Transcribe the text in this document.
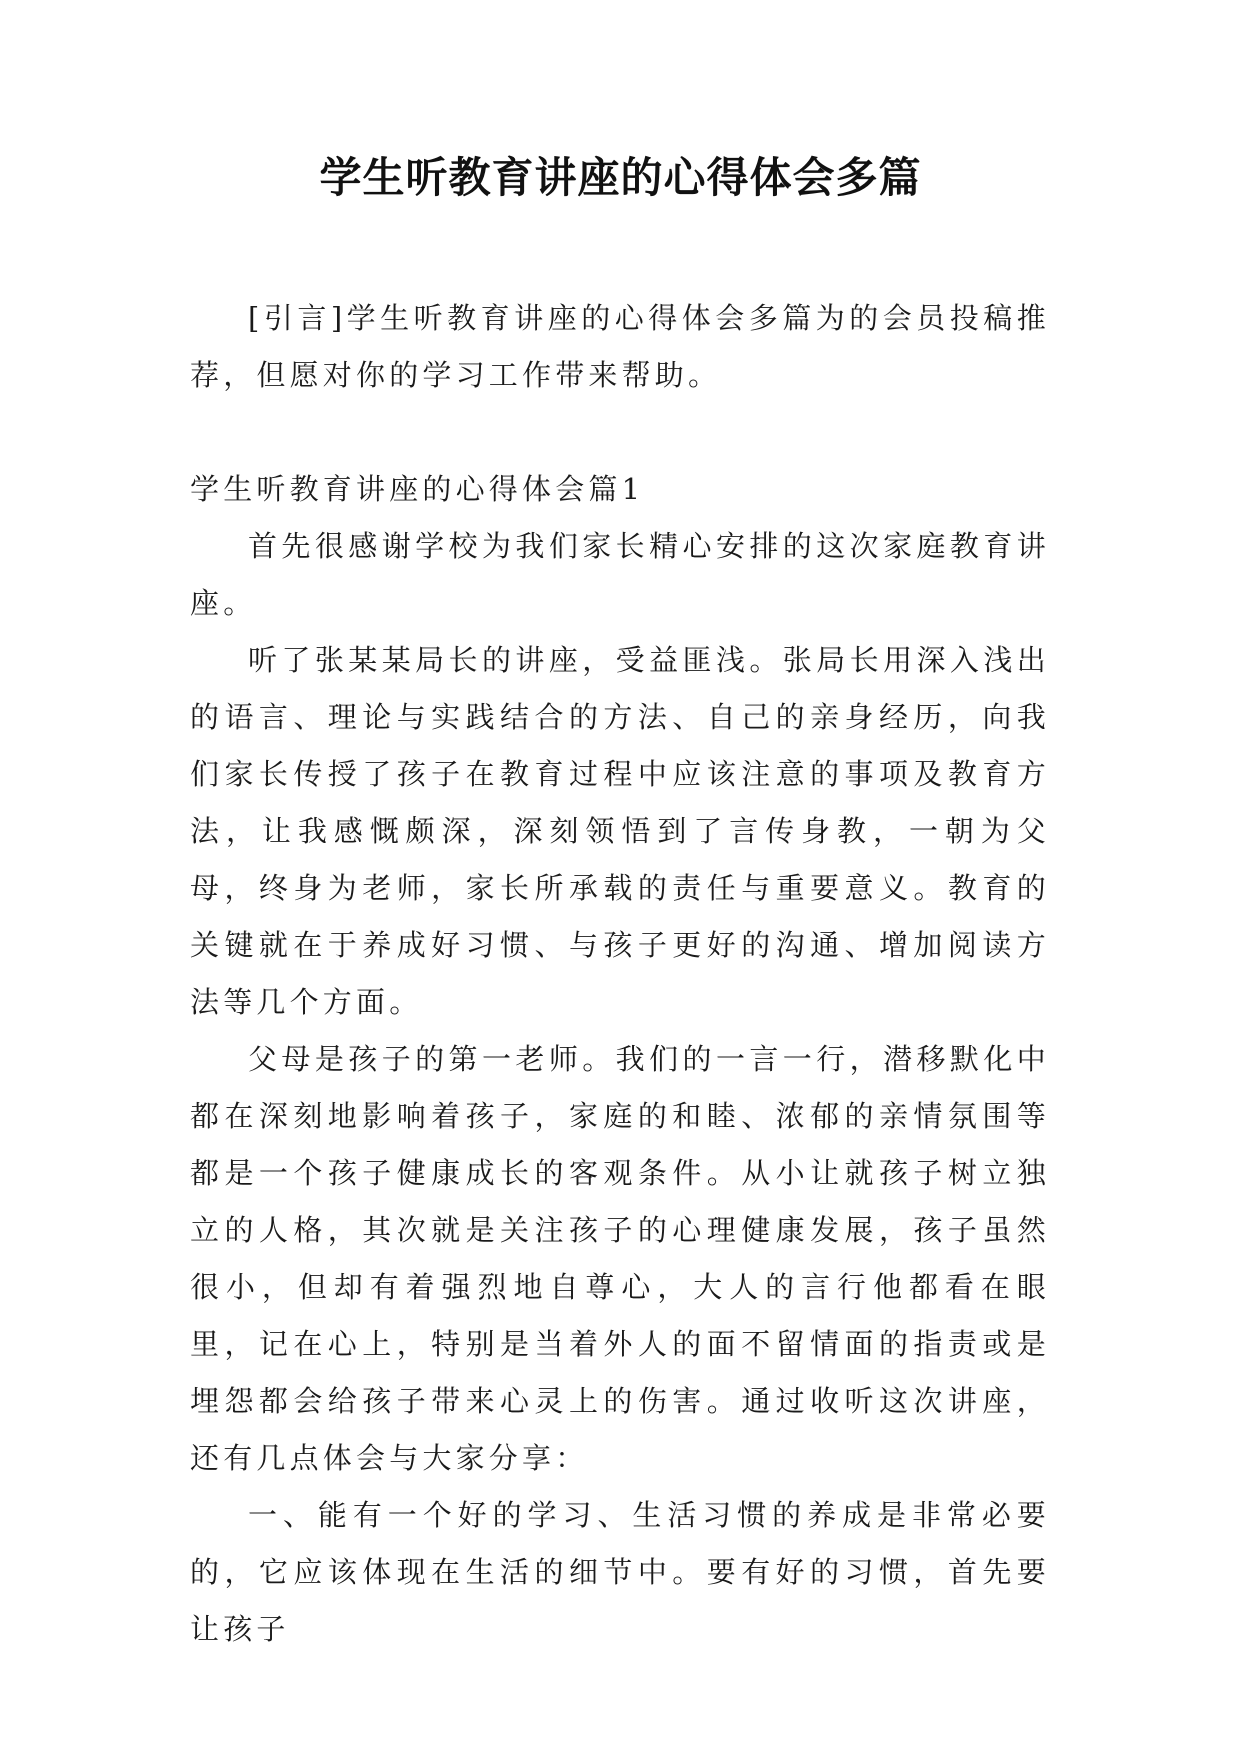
学生听教育讲座的心得体会多篇

[引言]学生听教育讲座的心得体会多篇为的会员投稿推荐，但愿对你的学习工作带来帮助。

学生听教育讲座的心得体会篇1

首先很感谢学校为我们家长精心安排的这次家庭教育讲座。

听了张某某局长的讲座，受益匪浅。张局长用深入浅出的语言、理论与实践结合的方法、自己的亲身经历，向我们家长传授了孩子在教育过程中应该注意的事项及教育方法，让我感慨颇深，深刻领悟到了言传身教，一朝为父母，终身为老师，家长所承载的责任与重要意义。教育的关键就在于养成好习惯、与孩子更好的沟通、增加阅读方法等几个方面。

父母是孩子的第一老师。我们的一言一行，潜移默化中都在深刻地影响着孩子，家庭的和睦、浓郁的亲情氛围等都是一个孩子健康成长的客观条件。从小让就孩子树立独立的人格，其次就是关注孩子的心理健康发展，孩子虽然很小，但却有着强烈地自尊心，大人的言行他都看在眼里，记在心上，特别是当着外人的面不留情面的指责或是埋怨都会给孩子带来心灵上的伤害。通过收听这次讲座，还有几点体会与大家分享：

一、能有一个好的学习、生活习惯的养成是非常必要的，它应该体现在生活的细节中。要有好的习惯，首先要让孩子
